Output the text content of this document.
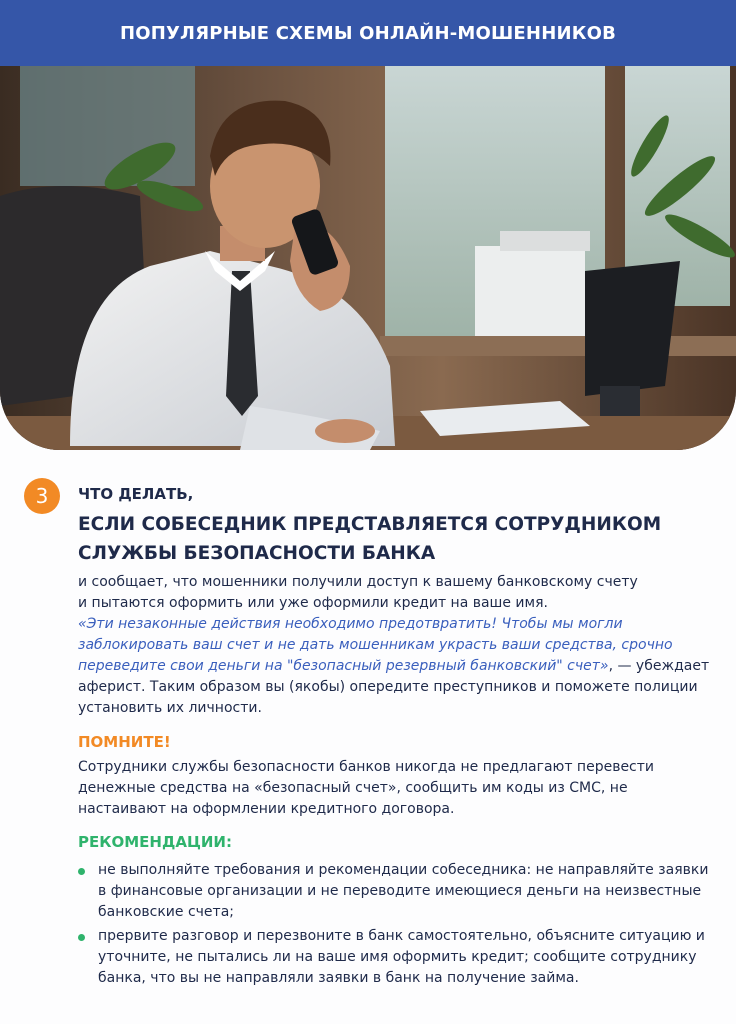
ПОПУЛЯРНЫЕ СХЕМЫ ОНЛАЙН-МОШЕННИКОВ
3	ЧТО ДЕЛАТЬ,
ЕСЛИ СОБЕСЕДНИК ПРЕДСТАВЛЯЕТСЯ СОТРУДНИКОМ СЛУЖБЫ БЕЗОПАСНОСТИ БАНКА
и сообщает, что мошенники получили доступ к вашему банковскому счету
и пытаются оформить или уже оформили кредит на ваше имя.
«Эти незаконные действия необходимо предотвратить! Чтобы мы могли заблокировать ваш счет и не дать мошенникам украсть ваши средства, срочно переведите свои деньги на "безопасный резервный банковский" счет», — убеждает аферист. Таким образом вы (якобы) опередите преступников и поможете полиции установить их личности.
ПОМНИТЕ!
Сотрудники службы безопасности банков никогда не предлагают перевести денежные средства на «безопасный счет», сообщить им коды из СМС, не настаивают на оформлении кредитного договора.
РЕКОМЕНДАЦИИ:
не выполняйте требования и рекомендации собеседника: не направляйте заявки в финансовые организации и не переводите имеющиеся деньги на неизвестные банковские счета;
прервите разговор и перезвоните в банк самостоятельно, объясните ситуацию и уточните, не пытались ли на ваше имя оформить кредит; сообщите сотруднику банка, что вы не направляли заявки в банк на получение займа.
